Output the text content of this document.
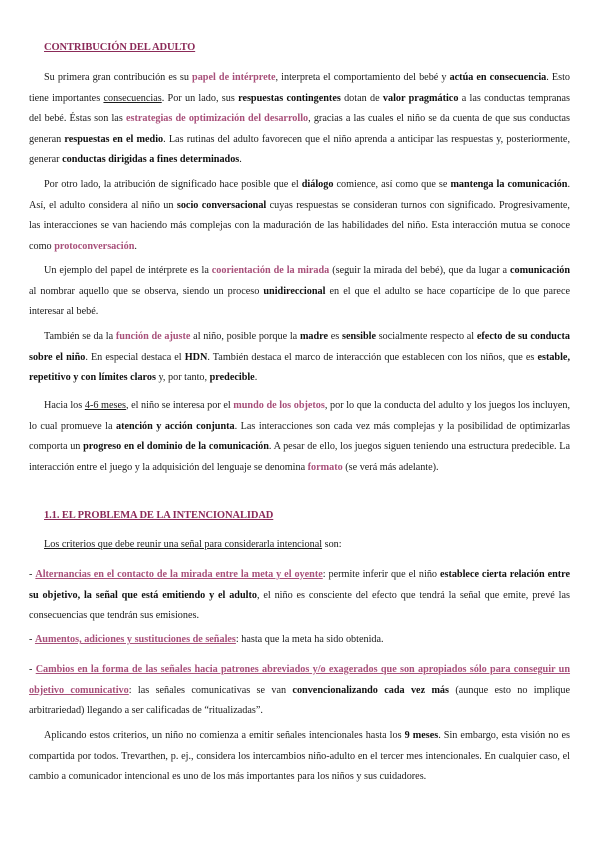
CONTRIBUCIÓN DEL ADULTO

Su primera gran contribución es su papel de intérprete, interpreta el comportamiento del bebé y actúa en consecuencia. Esto tiene importantes consecuencias. Por un lado, sus respuestas contingentes dotan de valor pragmático a las conductas tempranas del bebé. Éstas son las estrategias de optimización del desarrollo, gracias a las cuales el niño se da cuenta de que sus conductas generan respuestas en el medio. Las rutinas del adulto favorecen que el niño aprenda a anticipar las respuestas y, posteriormente, generar conductas dirigidas a fines determinados.

Por otro lado, la atribución de significado hace posible que el diálogo comience, así como que se mantenga la comunicación. Así, el adulto considera al niño un socio conversacional cuyas respuestas se consideran turnos con significado. Progresivamente, las interacciones se van haciendo más complejas con la maduración de las habilidades del niño. Esta interacción mutua se conoce como protoconversación.

Un ejemplo del papel de intérprete es la coorientación de la mirada (seguir la mirada del bebé), que da lugar a comunicación al nombrar aquello que se observa, siendo un proceso unidireccional en el que el adulto se hace copartícipe de lo que parece interesar al bebé.

También se da la función de ajuste al niño, posible porque la madre es sensible socialmente respecto al efecto de su conducta sobre el niño. En especial destaca el HDN. También destaca el marco de interacción que establecen con los niños, que es estable, repetitivo y con límites claros y, por tanto, predecible.

Hacia los 4-6 meses, el niño se interesa por el mundo de los objetos, por lo que la conducta del adulto y los juegos los incluyen, lo cual promueve la atención y acción conjunta. Las interacciones son cada vez más complejas y la posibilidad de optimizarlas comporta un progreso en el dominio de la comunicación. A pesar de ello, los juegos siguen teniendo una estructura predecible. La interacción entre el juego y la adquisición del lenguaje se denomina formato (se verá más adelante).

1.1. EL PROBLEMA DE LA INTENCIONALIDAD

Los criterios que debe reunir una señal para considerarla intencional son:

- Alternancias en el contacto de la mirada entre la meta y el oyente: permite inferir que el niño establece cierta relación entre su objetivo, la señal que está emitiendo y el adulto, el niño es consciente del efecto que tendrá la señal que emite, prevé las consecuencias que tendrán sus emisiones.

- Aumentos, adiciones y sustituciones de señales: hasta que la meta ha sido obtenida.

- Cambios en la forma de las señales hacia patrones abreviados y/o exagerados que son apropiados sólo para conseguir un objetivo comunicativo: las señales comunicativas se van convencionalizando cada vez más (aunque esto no implique arbitrariedad) llegando a ser calificadas de “ritualizadas”.

Aplicando estos criterios, un niño no comienza a emitir señales intencionales hasta los 9 meses. Sin embargo, esta visión no es compartida por todos. Trevarthen, p. ej., considera los intercambios niño-adulto en el tercer mes intencionales. En cualquier caso, el cambio a comunicador intencional es uno de los más importantes para los niños y sus cuidadores.
